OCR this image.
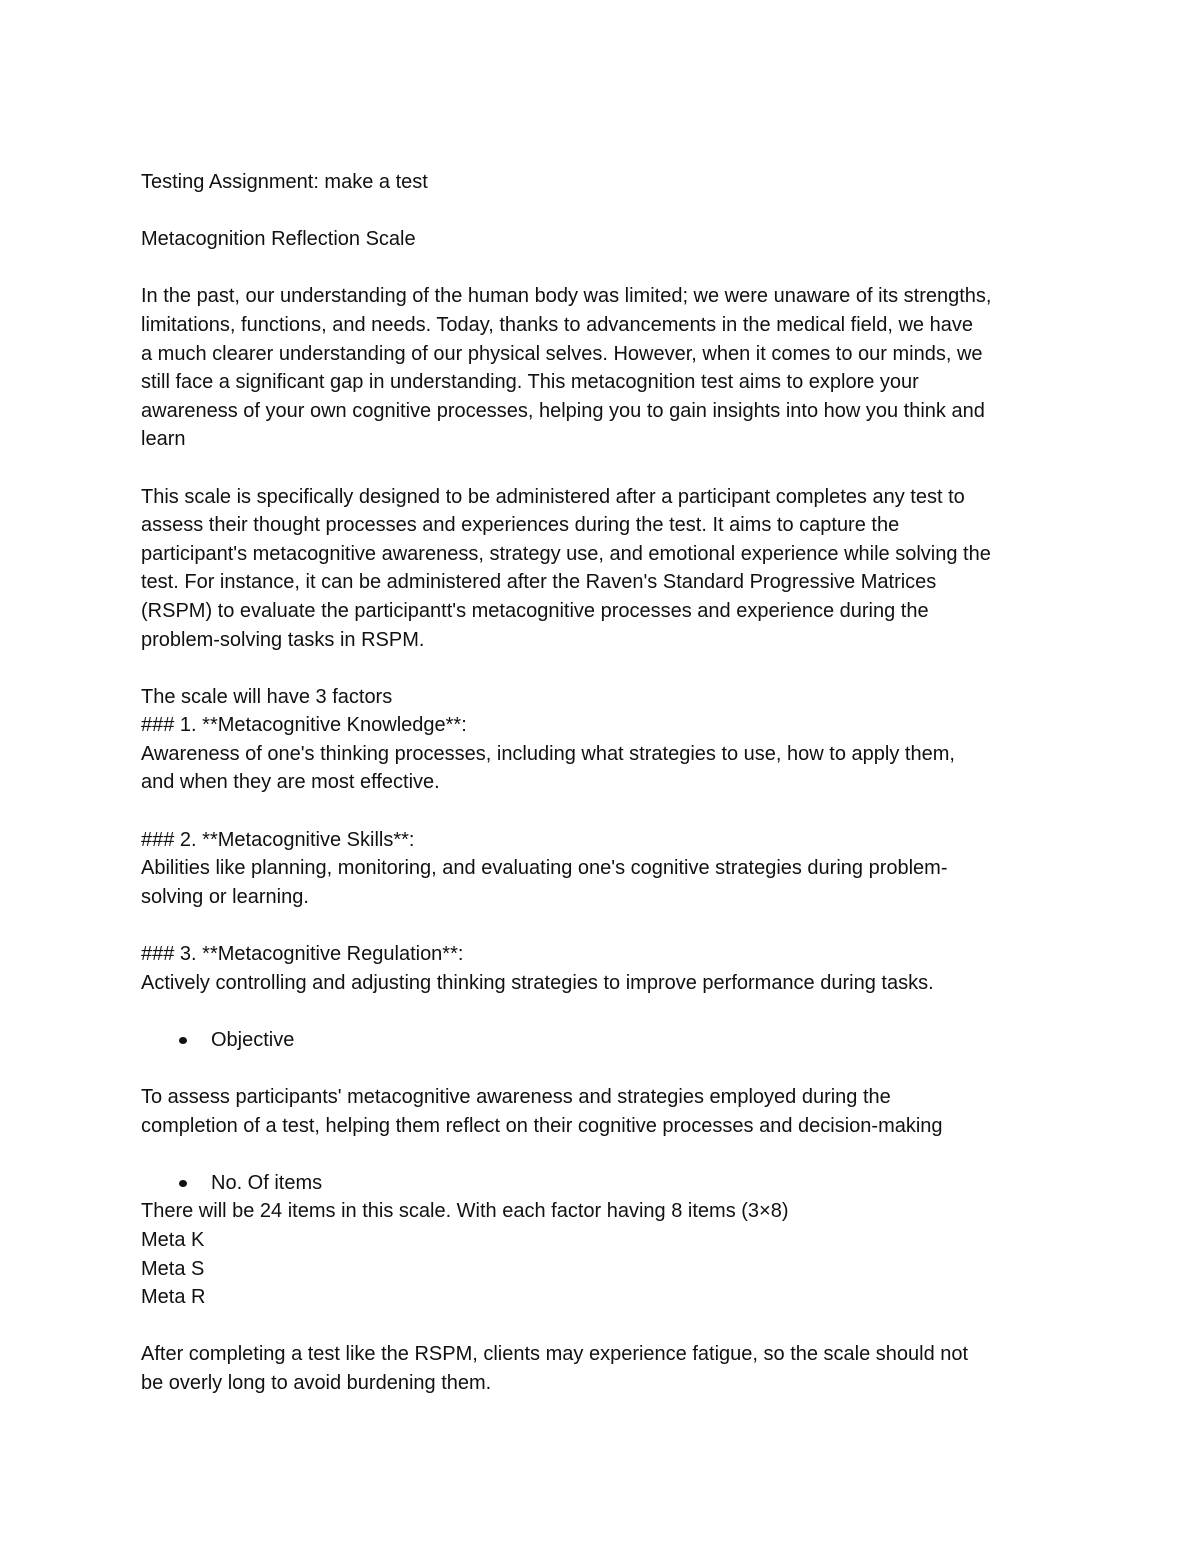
Testing Assignment: make a test
Metacognition Reflection Scale
In the past, our understanding of the human body was limited; we were unaware of its strengths,
limitations, functions, and needs. Today, thanks to advancements in the medical field, we have
a much clearer understanding of our physical selves. However, when it comes to our minds, we
still face a significant gap in understanding. This metacognition test aims to explore your
awareness of your own cognitive processes, helping you to gain insights into how you think and
learn
This scale is specifically designed to be administered after a participant completes any test to
assess their thought processes and experiences during the test. It aims to capture the
participant's metacognitive awareness, strategy use, and emotional experience while solving the
test. For instance, it can be administered after the Raven's Standard Progressive Matrices
(RSPM) to evaluate the participantt's metacognitive processes and experience during the
problem-solving tasks in RSPM.
The scale will have 3 factors
### 1. **Metacognitive Knowledge**:
Awareness of one's thinking processes, including what strategies to use, how to apply them,
and when they are most effective.
### 2. **Metacognitive Skills**:
Abilities like planning, monitoring, and evaluating one's cognitive strategies during problem-
solving or learning.
### 3. **Metacognitive Regulation**:
Actively controlling and adjusting thinking strategies to improve performance during tasks.
Objective
To assess participants' metacognitive awareness and strategies employed during the
completion of a test, helping them reflect on their cognitive processes and decision-making
No. Of items
There will be 24 items in this scale. With each factor having 8 items (3×8)
Meta K
Meta S
Meta R
After completing a test like the RSPM, clients may experience fatigue, so the scale should not
be overly long to avoid burdening them.
